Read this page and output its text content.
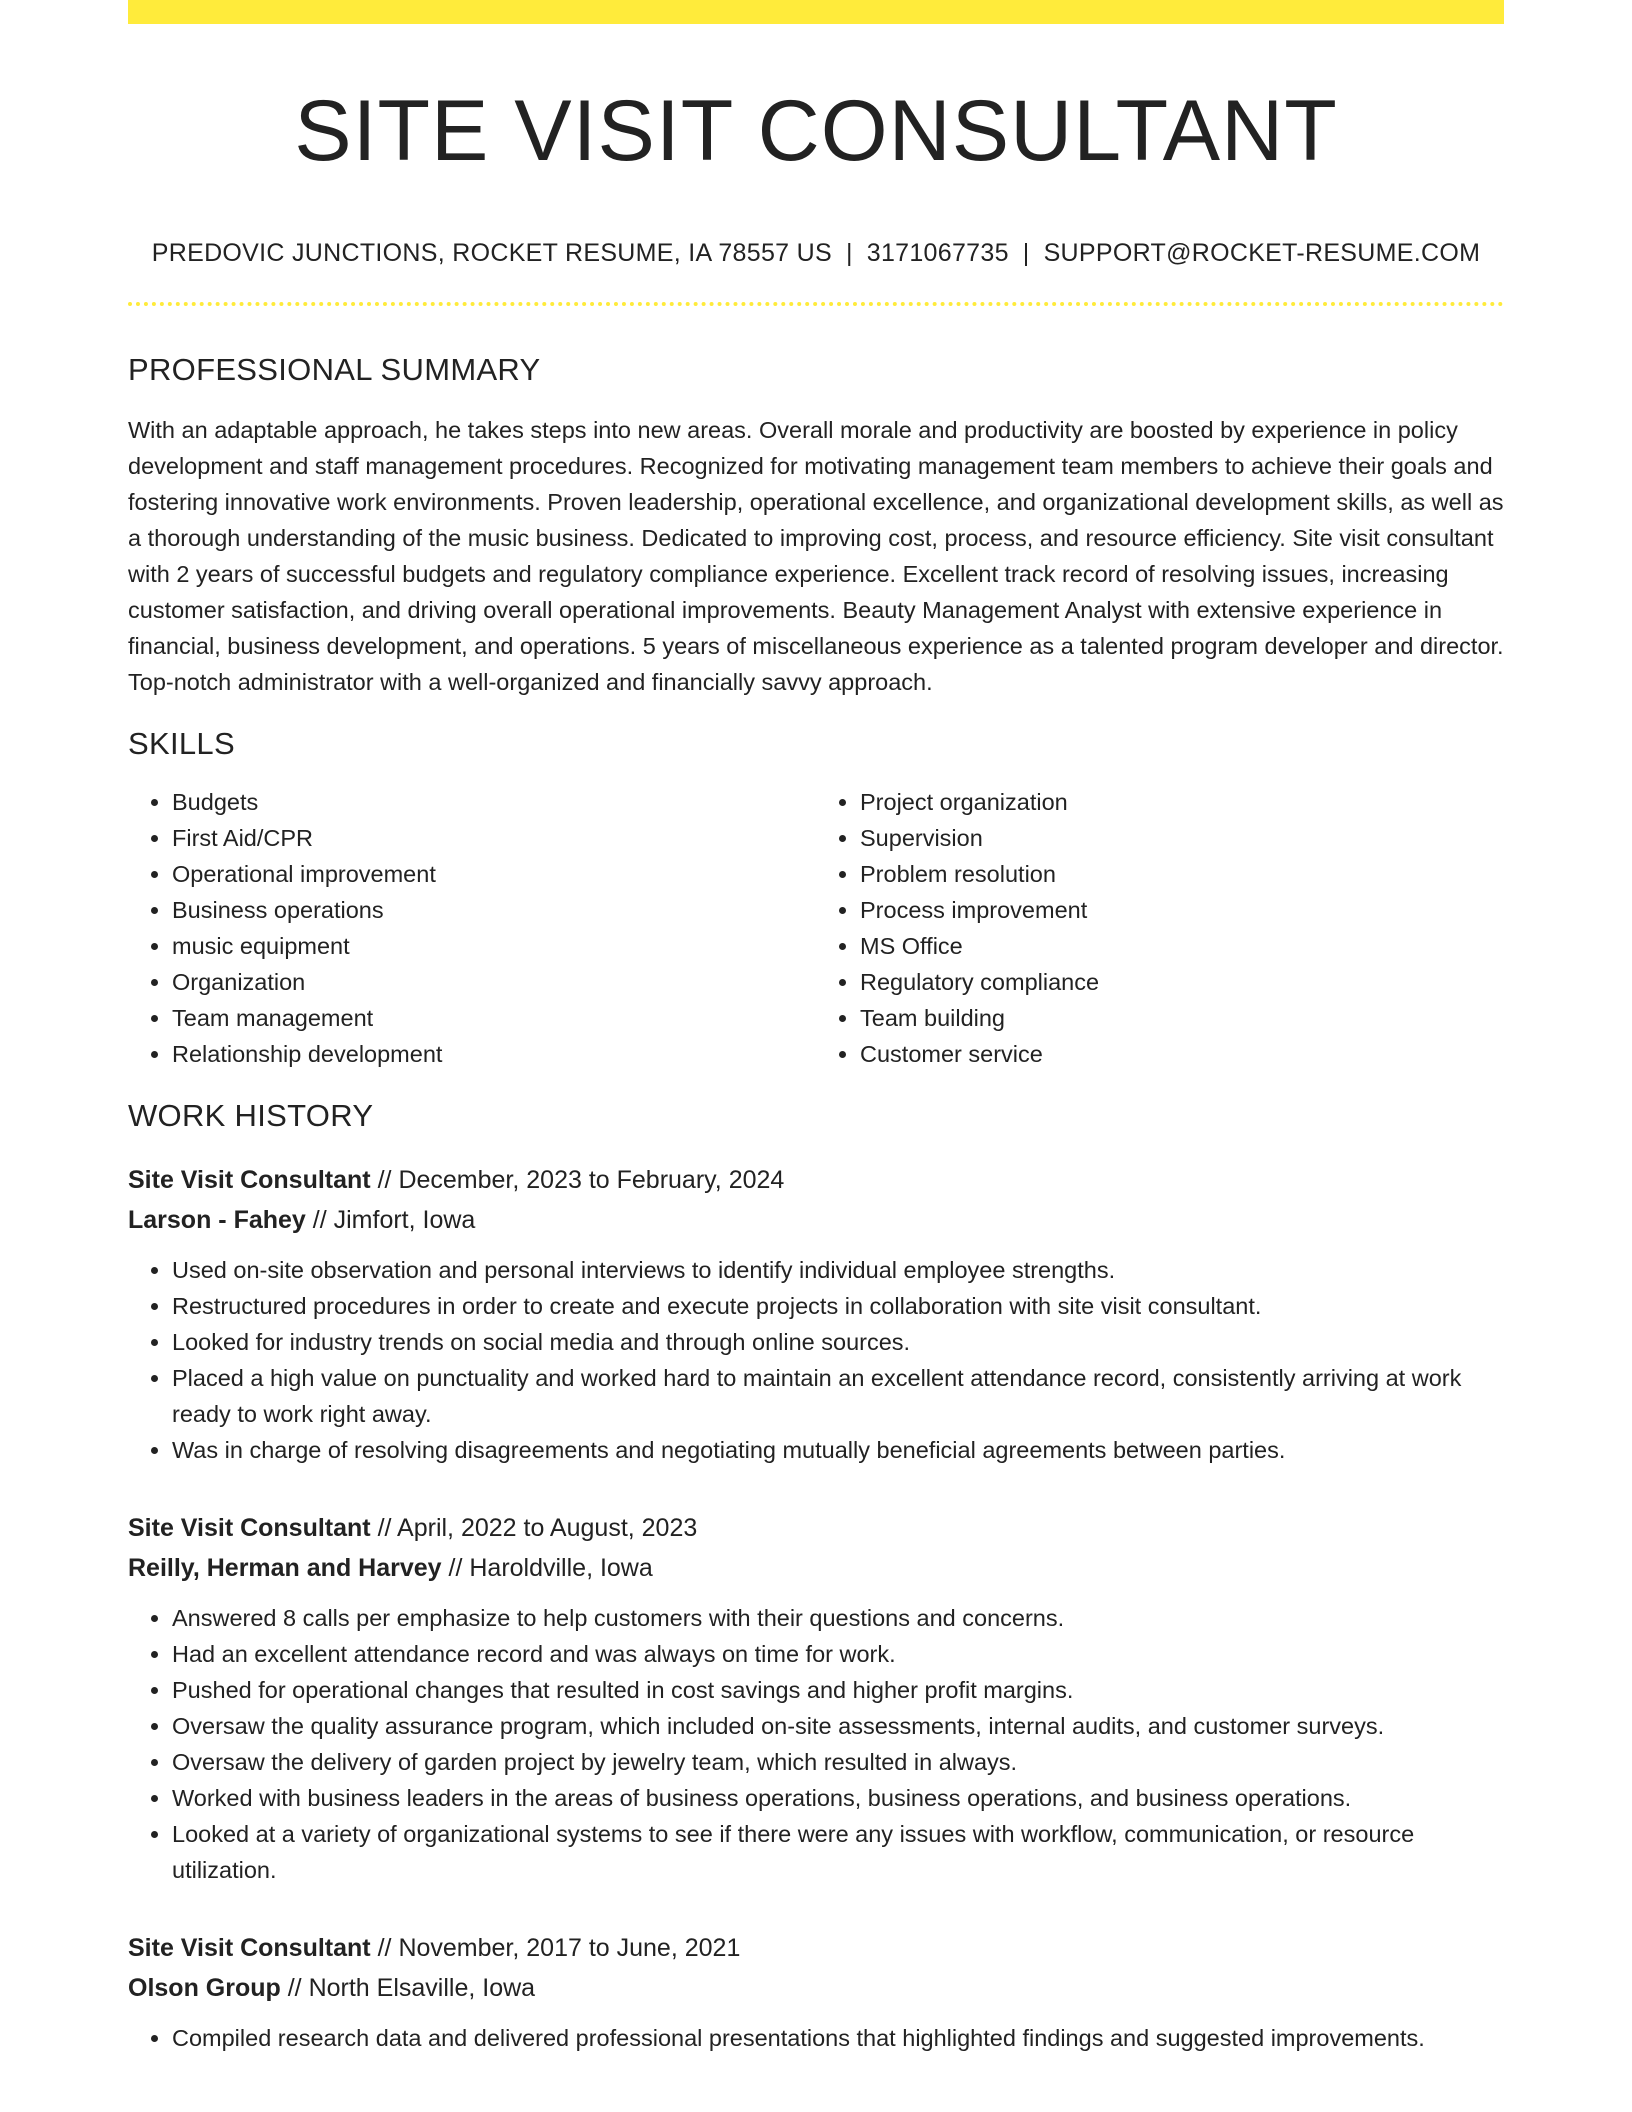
SITE VISIT CONSULTANT
PREDOVIC JUNCTIONS, ROCKET RESUME, IA 78557 US | 3171067735 | SUPPORT@ROCKET-RESUME.COM
PROFESSIONAL SUMMARY

With an adaptable approach, he takes steps into new areas. Overall morale and productivity are boosted by experience in policy development and staff management procedures. Recognized for motivating management team members to achieve their goals and fostering innovative work environments. Proven leadership, operational excellence, and organizational development skills, as well as a thorough understanding of the music business. Dedicated to improving cost, process, and resource efficiency. Site visit consultant with 2 years of successful budgets and regulatory compliance experience. Excellent track record of resolving issues, increasing customer satisfaction, and driving overall operational improvements. Beauty Management Analyst with extensive experience in financial, business development, and operations. 5 years of miscellaneous experience as a talented program developer and director. Top-notch administrator with a well-organized and financially savvy approach.

SKILLS
• Budgets
• First Aid/CPR
• Operational improvement
• Business operations
• music equipment
• Organization
• Team management
• Relationship development
• Project organization
• Supervision
• Problem resolution
• Process improvement
• MS Office
• Regulatory compliance
• Team building
• Customer service
WORK HISTORY
Site Visit Consultant // December, 2023 to February, 2024
Larson - Fahey // Jimfort, Iowa
• Used on-site observation and personal interviews to identify individual employee strengths.
• Restructured procedures in order to create and execute projects in collaboration with site visit consultant.
• Looked for industry trends on social media and through online sources.
• Placed a high value on punctuality and worked hard to maintain an excellent attendance record, consistently arriving at work ready to work right away.
• Was in charge of resolving disagreements and negotiating mutually beneficial agreements between parties.
Site Visit Consultant // April, 2022 to August, 2023
Reilly, Herman and Harvey // Haroldville, Iowa
• Answered 8 calls per emphasize to help customers with their questions and concerns.
• Had an excellent attendance record and was always on time for work.
• Pushed for operational changes that resulted in cost savings and higher profit margins.
• Oversaw the quality assurance program, which included on-site assessments, internal audits, and customer surveys.
• Oversaw the delivery of garden project by jewelry team, which resulted in always.
• Worked with business leaders in the areas of business operations, business operations, and business operations.
• Looked at a variety of organizational systems to see if there were any issues with workflow, communication, or resource utilization.
Site Visit Consultant // November, 2017 to June, 2021
Olson Group // North Elsaville, Iowa
• Compiled research data and delivered professional presentations that highlighted findings and suggested improvements.
